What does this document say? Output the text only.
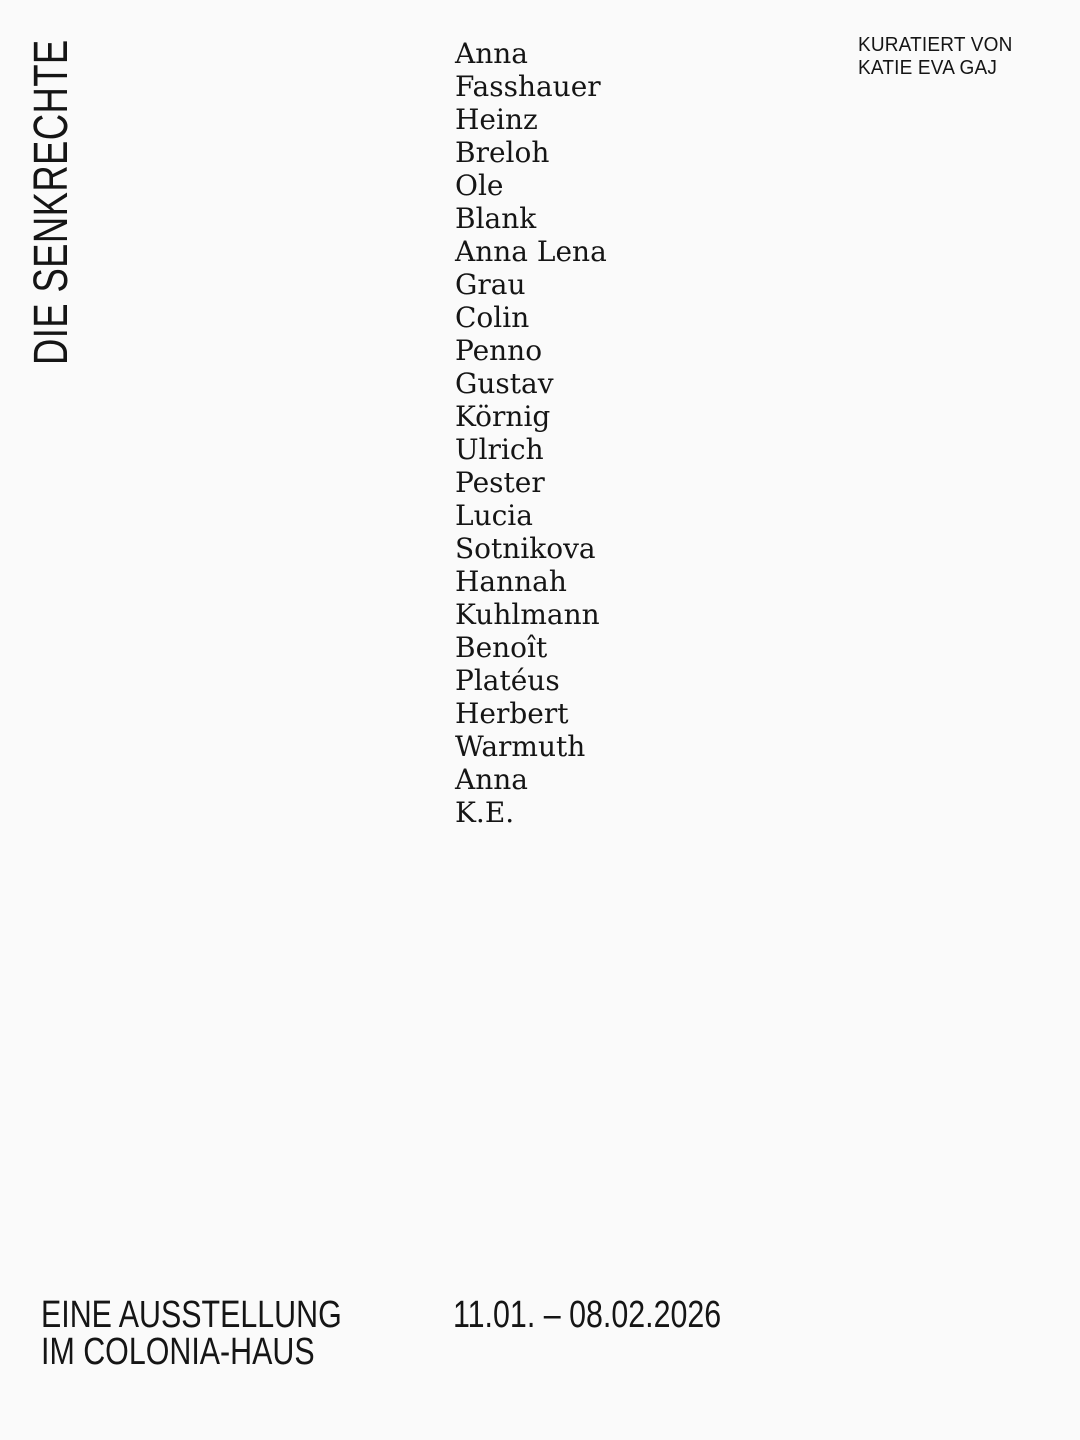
DIE SENKRECHTE	KURATIERT VON
KATIE EVA GAJ
Anna
Fasshauer
Heinz
Breloh
Ole
Blank
Anna Lena
Grau
Colin
Penno
Gustav
Körnig
Ulrich
Pester
Lucia
Sotnikova
Hannah
Kuhlmann
Benoît
Platéus
Herbert
Warmuth
Anna
K.E.
EINE AUSSTELLUNG
IM COLONIA-HAUS
11.01. – 08.02.2026
